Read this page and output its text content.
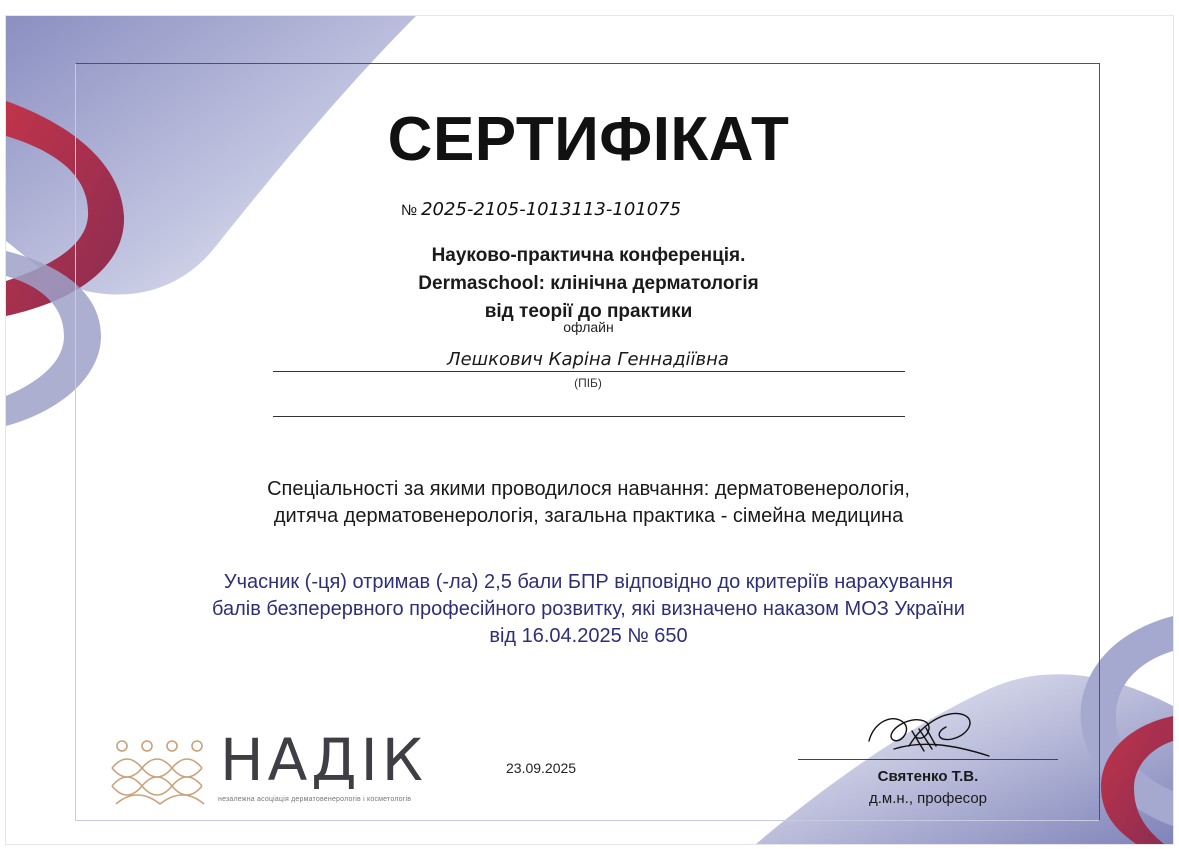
СЕРТИФІКАТ
№ 2025-2105-1013113-101075
Науково-практична конференція.
Dermaschool: клінічна дерматологія
від теорії до практики
офлайн
Лешкович Каріна Геннадіївна
(ПІБ)
Спеціальності за якими проводилося навчання: дерматовенерологія,
дитяча дерматовенерологія, загальна практика - сімейна медицина
Учасник (-ця) отримав (-ла) 2,5 бали БПР відповідно до критеріїв нарахування
балів безперервного професійного розвитку, які визначено наказом МОЗ України
від 16.04.2025 № 650
НАДІК
незалежна асоціація дерматовенерологів і косметологів
23.09.2025	Святенко Т.В.
д.м.н., професор
